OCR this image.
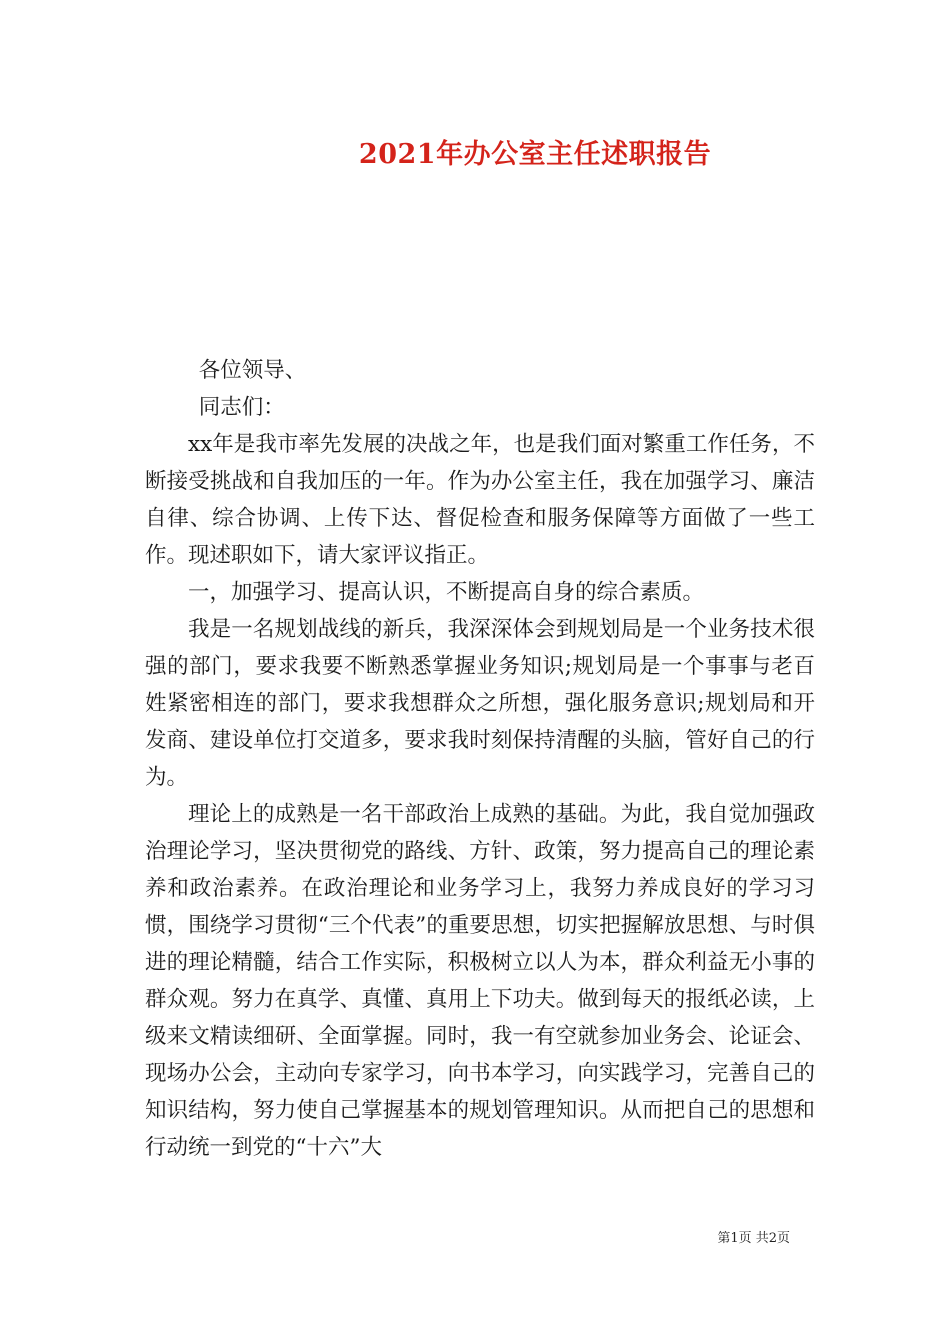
2021年办公室主任述职报告

各位领导、

同志们：

xx年是我市率先发展的决战之年，也是我们面对繁重工作任务，不断接受挑战和自我加压的一年。作为办公室主任，我在加强学习、廉洁自律、综合协调、上传下达、督促检查和服务保障等方面做了一些工作。现述职如下，请大家评议指正。

一，加强学习、提高认识，不断提高自身的综合素质。

我是一名规划战线的新兵，我深深体会到规划局是一个业务技术很强的部门，要求我要不断熟悉掌握业务知识;规划局是一个事事与老百姓紧密相连的部门，要求我想群众之所想，强化服务意识;规划局和开发商、建设单位打交道多，要求我时刻保持清醒的头脑，管好自己的行为。

理论上的成熟是一名干部政治上成熟的基础。为此，我自觉加强政治理论学习，坚决贯彻党的路线、方针、政策，努力提高自己的理论素养和政治素养。在政治理论和业务学习上，我努力养成良好的学习习惯，围绕学习贯彻“三个代表”的重要思想，切实把握解放思想、与时俱进的理论精髓，结合工作实际，积极树立以人为本，群众利益无小事的群众观。努力在真学、真懂、真用上下功夫。做到每天的报纸必读，上级来文精读细研、全面掌握。同时，我一有空就参加业务会、论证会、现场办公会，主动向专家学习，向书本学习，向实践学习，完善自己的知识结构，努力使自己掌握基本的规划管理知识。从而把自己的思想和行动统一到党的“十六”大

第1页 共2页
